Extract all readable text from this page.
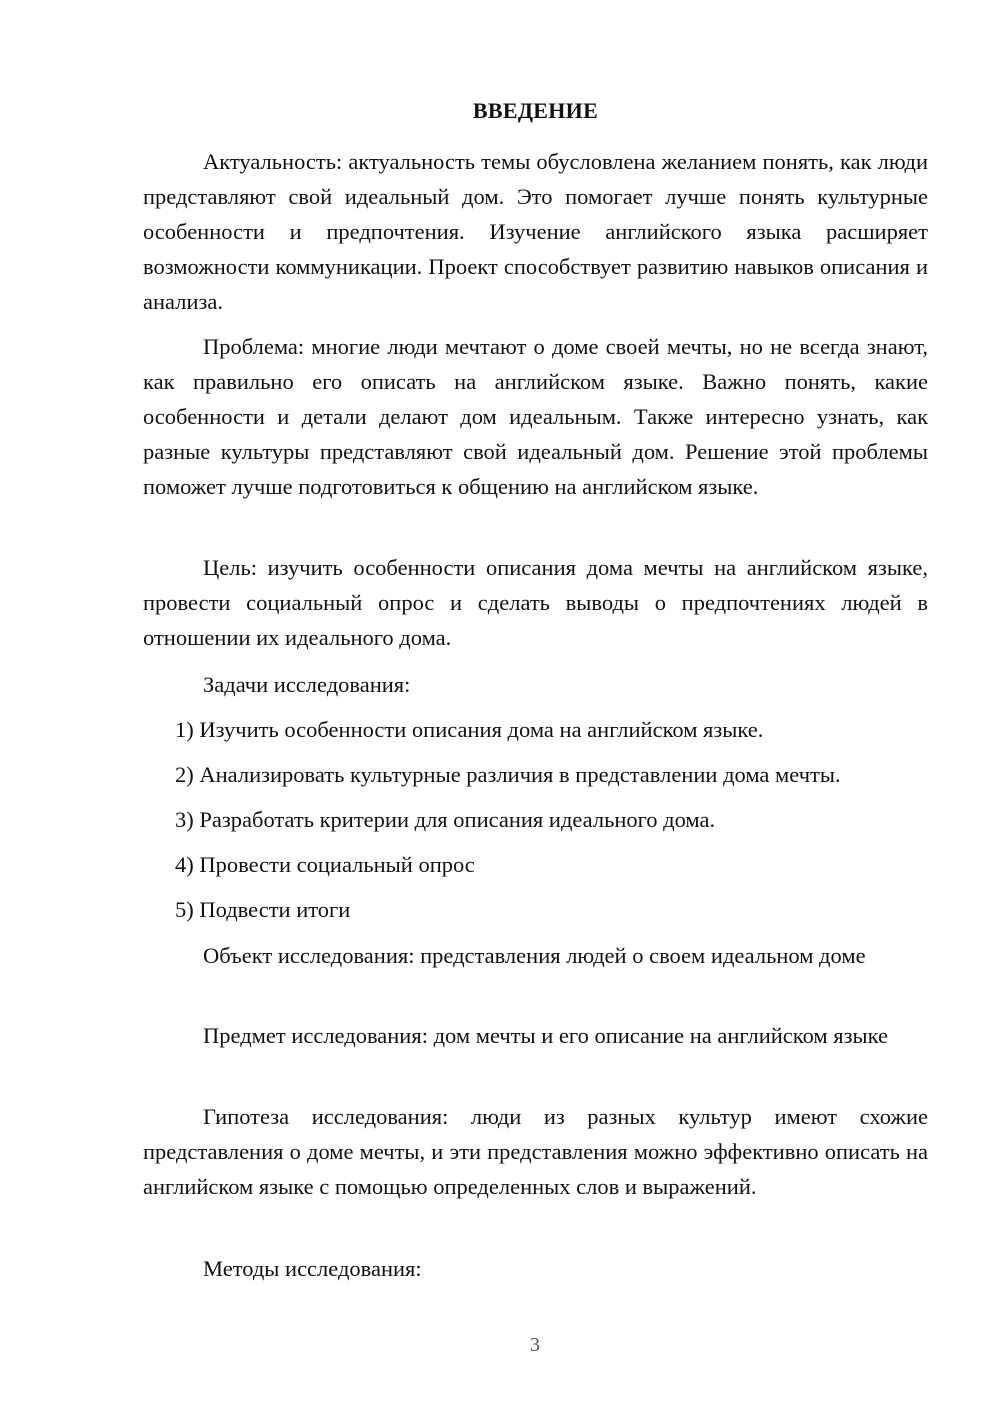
ВВЕДЕНИЕ

Актуальность: актуальность темы обусловлена желанием понять, как люди представляют свой идеальный дом. Это помогает лучше понять культурные особенности и предпочтения. Изучение английского языка расширяет возможности коммуникации. Проект способствует развитию навыков описания и анализа.

Проблема: многие люди мечтают о доме своей мечты, но не всегда знают, как правильно его описать на английском языке. Важно понять, какие особенности и детали делают дом идеальным. Также интересно узнать, как разные культуры представляют свой идеальный дом. Решение этой проблемы поможет лучше подготовиться к общению на английском языке.

Цель: изучить особенности описания дома мечты на английском языке, провести социальный опрос и сделать выводы о предпочтениях людей в отношении их идеального дома.

Задачи исследования:

1) Изучить особенности описания дома на английском языке.

2) Анализировать культурные различия в представлении дома мечты.

3) Разработать критерии для описания идеального дома.

4) Провести социальный опрос

5) Подвести итоги

Объект исследования: представления людей о своем идеальном доме

Предмет исследования: дом мечты и его описание на английском языке

Гипотеза исследования: люди из разных культур имеют схожие представления о доме мечты, и эти представления можно эффективно описать на английском языке с помощью определенных слов и выражений.

Методы исследования:

3
